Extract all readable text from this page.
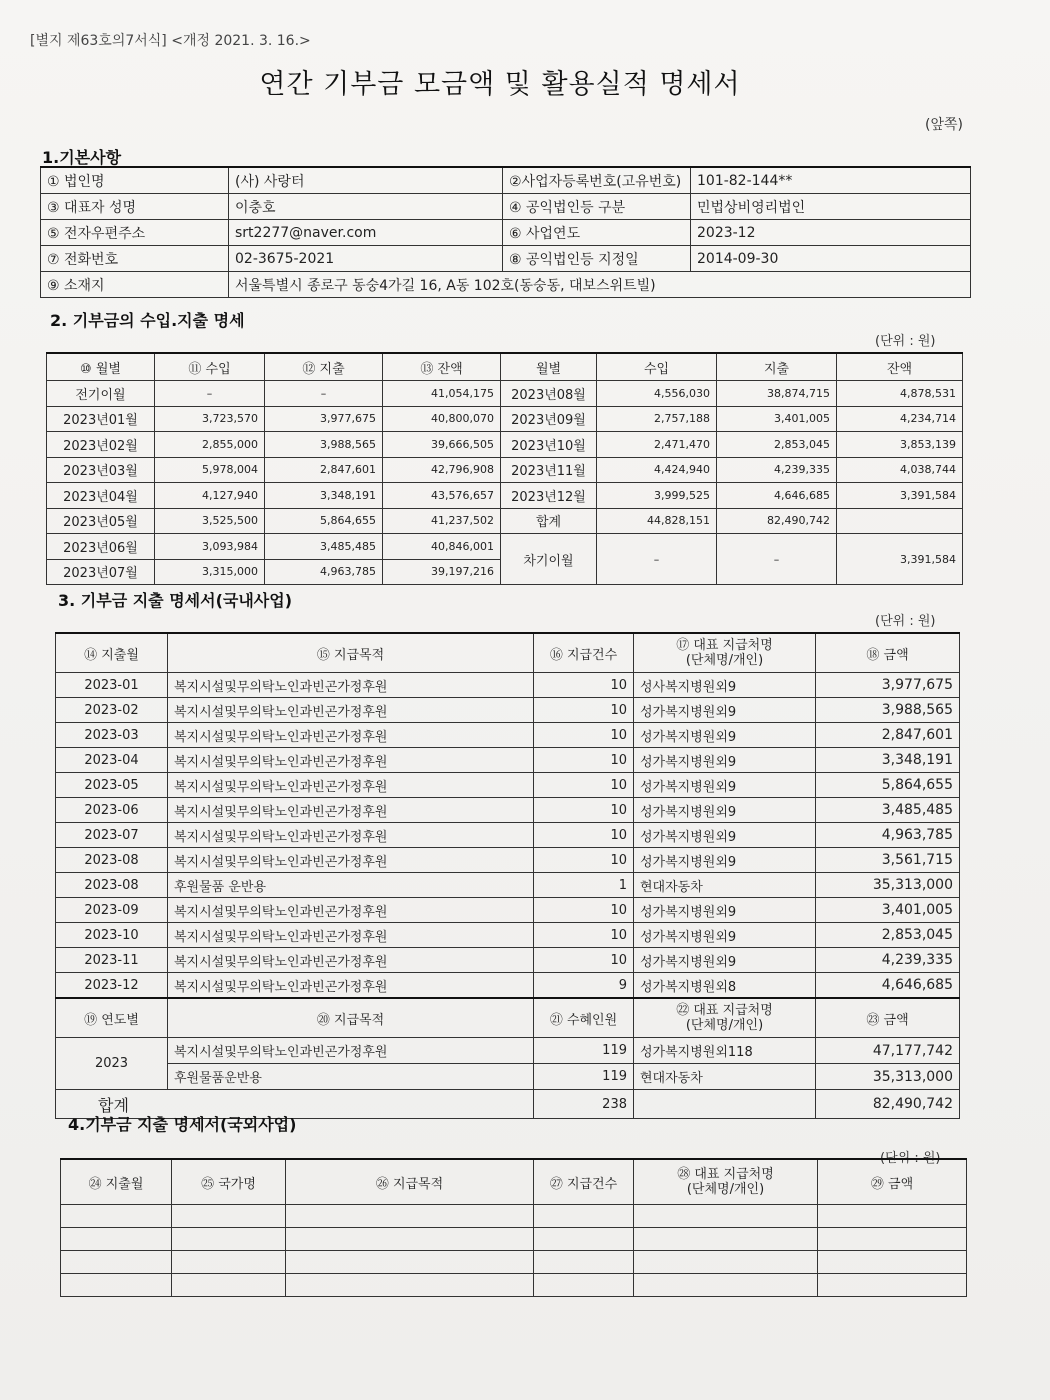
[별지 제63호의7서식] <개정 2021. 3. 16.>
연간 기부금 모금액 및 활용실적 명세서
(앞쪽)
1.기본사항
① 법인명	(사) 사랑터	②사업자등록번호(고유번호)	101-82-144**
③ 대표자 성명	이충호	④ 공익법인등 구분	민법상비영리법인
⑤ 전자우편주소	srt2277@naver.com	⑥ 사업연도	2023-12
⑦ 전화번호	02-3675-2021	⑧ 공익법인등 지정일	2014-09-30
⑨ 소재지	서울특별시 종로구 동숭4가길 16, A동 102호(동숭동, 대보스위트빌)		
2. 기부금의 수입.지출 명세
(단위 : 원)
⑩ 월별	⑪ 수입	⑫ 지출	⑬ 잔액	월별	수입	지출	잔액
전기이월	–	–	41,054,175	2023년08월	4,556,030	38,874,715	4,878,531
2023년01월	3,723,570	3,977,675	40,800,070	2023년09월	2,757,188	3,401,005	4,234,714
2023년02월	2,855,000	3,988,565	39,666,505	2023년10월	2,471,470	2,853,045	3,853,139
2023년03월	5,978,004	2,847,601	42,796,908	2023년11월	4,424,940	4,239,335	4,038,744
2023년04월	4,127,940	3,348,191	43,576,657	2023년12월	3,999,525	4,646,685	3,391,584
2023년05월	3,525,500	5,864,655	41,237,502	합계	44,828,151	82,490,742	
2023년06월	3,093,984	3,485,485	40,846,001	차기이월	–	–	3,391,584
2023년07월	3,315,000	4,963,785	39,197,216				
3. 기부금 지출 명세서(국내사업)
(단위 : 원)
⑭ 지출월	⑮ 지급목적	⑯ 지급건수	⑰ 대표 지급처명
(단체명/개인)	⑱ 금액
2023-01	복지시설및무의탁노인과빈곤가정후원	10	성사복지병원외9	3,977,675
2023-02	복지시설및무의탁노인과빈곤가정후원	10	성가복지병원외9	3,988,565
2023-03	복지시설및무의탁노인과빈곤가정후원	10	성가복지병원외9	2,847,601
2023-04	복지시설및무의탁노인과빈곤가정후원	10	성가복지병원외9	3,348,191
2023-05	복지시설및무의탁노인과빈곤가정후원	10	성가복지병원외9	5,864,655
2023-06	복지시설및무의탁노인과빈곤가정후원	10	성가복지병원외9	3,485,485
2023-07	복지시설및무의탁노인과빈곤가정후원	10	성가복지병원외9	4,963,785
2023-08	복지시설및무의탁노인과빈곤가정후원	10	성가복지병원외9	3,561,715
2023-08	후원물품 운반용	1	현대자동차	35,313,000
2023-09	복지시설및무의탁노인과빈곤가정후원	10	성가복지병원외9	3,401,005
2023-10	복지시설및무의탁노인과빈곤가정후원	10	성가복지병원외9	2,853,045
2023-11	복지시설및무의탁노인과빈곤가정후원	10	성가복지병원외9	4,239,335
2023-12	복지시설및무의탁노인과빈곤가정후원	9	성가복지병원외8	4,646,685
⑲ 연도별	⑳ 지급목적	㉑ 수혜인원	㉒ 대표 지급처명
(단체명/개인)	㉓ 금액
2023	복지시설및무의탁노인과빈곤가정후원	119	성가복지병원외118	47,177,742
	후원물품운반용	119	현대자동차	35,313,000
합계		238		82,490,742
4.기부금 지출 명세서(국외사업)
(단위 : 원)
㉔ 지출월	㉕ 국가명	㉖ 지급목적	㉗ 지급건수	㉘ 대표 지급처명
(단체명/개인)	㉙ 금액
